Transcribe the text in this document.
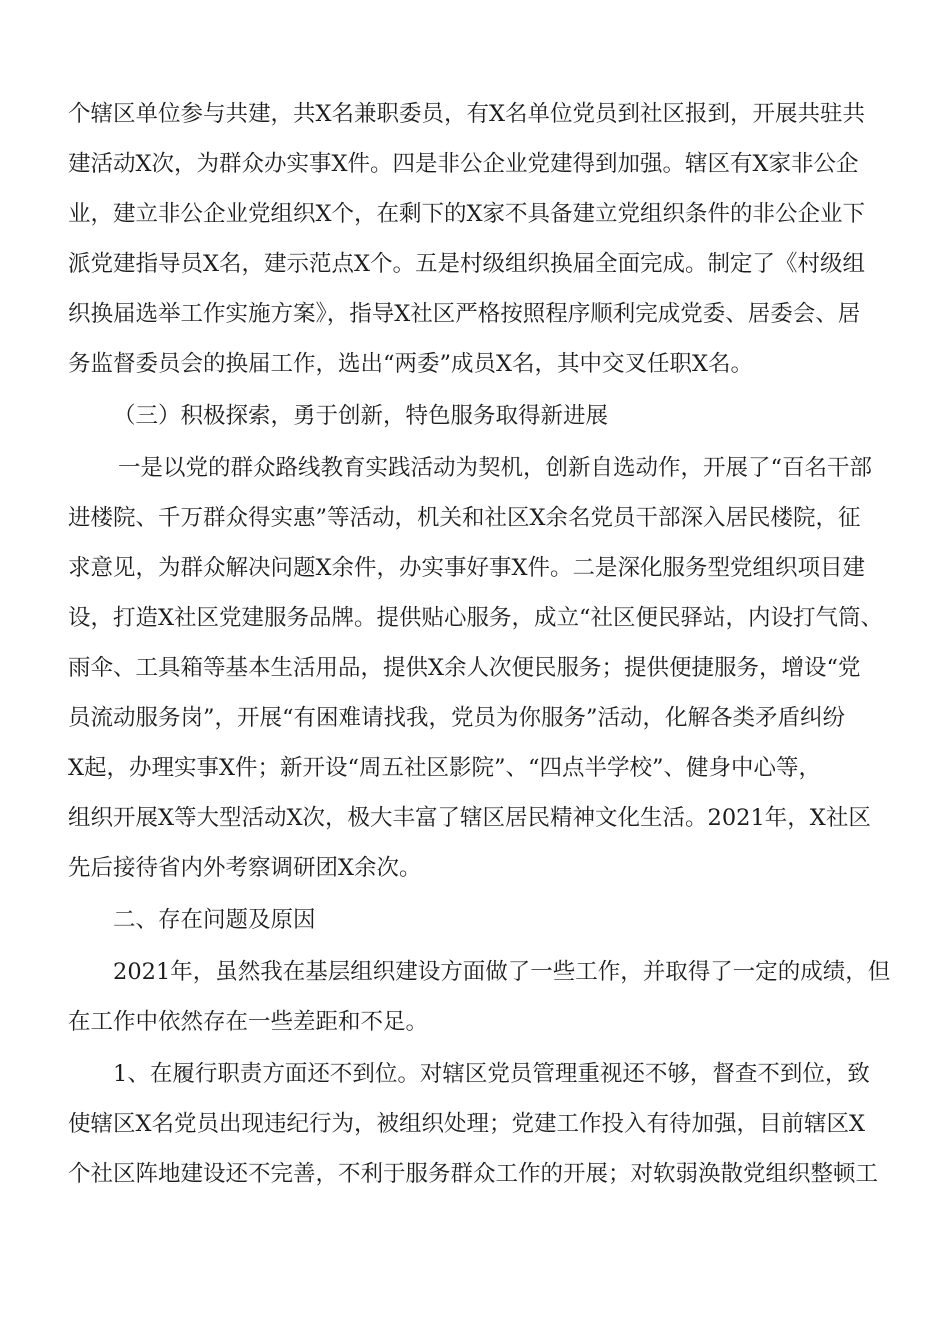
个辖区单位参与共建，共X名兼职委员，有X名单位党员到社区报到，开展共驻共
建活动X次，为群众办实事X件。四是非公企业党建得到加强。辖区有X家非公企
业，建立非公企业党组织X个，在剩下的X家不具备建立党组织条件的非公企业下
派党建指导员X名，建示范点X个。五是村级组织换届全面完成。制定了《村级组
织换届选举工作实施方案》，指导X社区严格按照程序顺利完成党委、居委会、居
务监督委员会的换届工作，选出“两委”成员X名，其中交叉任职X名。
（三）积极探索，勇于创新，特色服务取得新进展
一是以党的群众路线教育实践活动为契机，创新自选动作，开展了“百名干部
进楼院、千万群众得实惠”等活动，机关和社区X余名党员干部深入居民楼院，征
求意见，为群众解决问题X余件，办实事好事X件。二是深化服务型党组织项目建
设，打造X社区党建服务品牌。提供贴心服务，成立“社区便民驿站，内设打气筒、
雨伞、工具箱等基本生活用品，提供X余人次便民服务；提供便捷服务，增设“党
员流动服务岗”，开展“有困难请找我，党员为你服务”活动，化解各类矛盾纠纷
X起，办理实事X件；新开设“周五社区影院”、“四点半学校”、健身中心等，
组织开展X等大型活动X次，极大丰富了辖区居民精神文化生活。2021年，X社区
先后接待省内外考察调研团X余次。
二、存在问题及原因
2021年，虽然我在基层组织建设方面做了一些工作，并取得了一定的成绩，但
在工作中依然存在一些差距和不足。
1、在履行职责方面还不到位。对辖区党员管理重视还不够，督查不到位，致
使辖区X名党员出现违纪行为，被组织处理；党建工作投入有待加强，目前辖区X
个社区阵地建设还不完善，不利于服务群众工作的开展；对软弱涣散党组织整顿工
